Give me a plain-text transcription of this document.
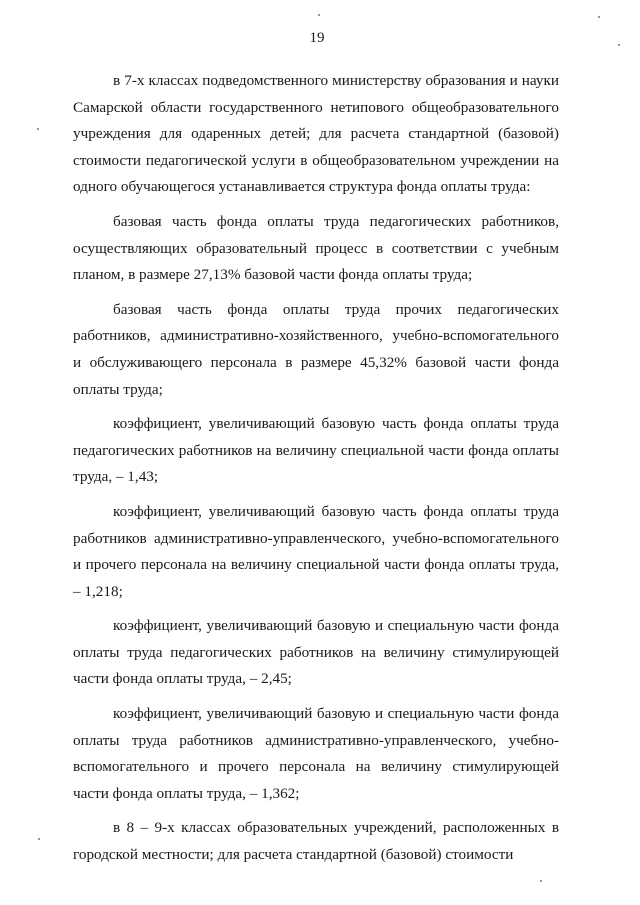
19

в 7-х классах подведомственного министерству образования и науки Самарской области государственного нетипового общеобразовательного учреждения для одаренных детей; для расчета стандартной (базовой) стоимости педагогической услуги в общеобразовательном учреждении на одного обучающегося устанавливается структура фонда оплаты труда:

базовая часть фонда оплаты труда педагогических работников, осуществляющих образовательный процесс в соответствии с учебным планом, в размере 27,13% базовой части фонда оплаты труда;

базовая часть фонда оплаты труда прочих педагогических работников, административно-хозяйственного, учебно-вспомогательного и обслуживающего персонала в размере 45,32% базовой части фонда оплаты труда;

коэффициент, увеличивающий базовую часть фонда оплаты труда педагогических работников на величину специальной части фонда оплаты труда, – 1,43;

коэффициент, увеличивающий базовую часть фонда оплаты труда работников административно-управленческого, учебно-вспомогательного и прочего персонала на величину специальной части фонда оплаты труда, – 1,218;

коэффициент, увеличивающий базовую и специальную части фонда оплаты труда педагогических работников на величину стимулирующей части фонда оплаты труда, – 2,45;

коэффициент, увеличивающий базовую и специальную части фонда оплаты труда работников административно-управленческого, учебно-вспомогательного и прочего персонала на величину стимулирующей части фонда оплаты труда, – 1,362;

в 8 – 9-х классах образовательных учреждений, расположенных в городской местности; для расчета стандартной (базовой) стоимости
